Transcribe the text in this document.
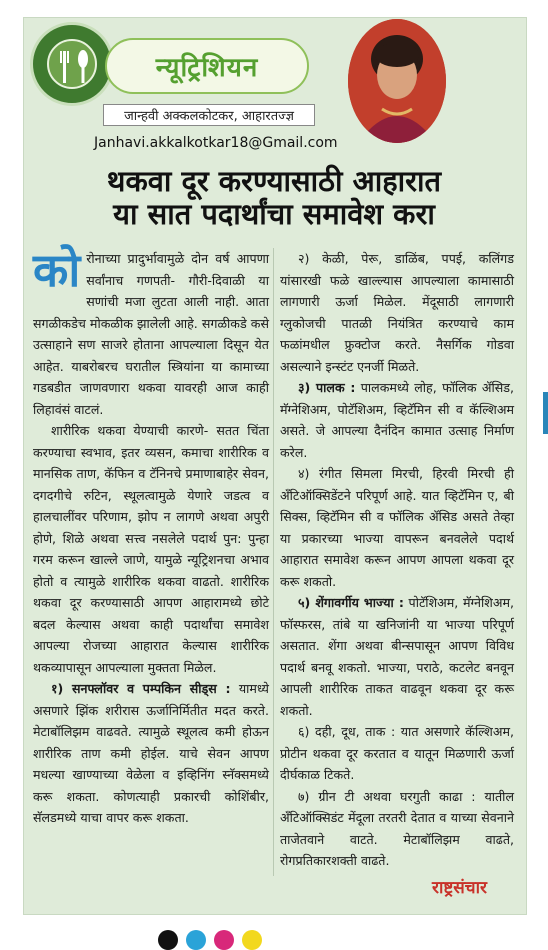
न्यूट्रिशियन
जान्हवी अक्कलकोटकर, आहारतज्ज्ञ
Janhavi.akkalkotkar18@Gmail.com
थकवा दूर करण्यासाठी आहारात
या सात पदार्थांचा समावेश करा

कोरोनाच्या प्रादुर्भावामुळे दोन वर्ष आपणा सर्वांनाच गणपती- गौरी-दिवाळी या सणांची मजा लुटता आली नाही. आता सगळीकडेच मोकळीक झालेली आहे. सगळीकडे कसे उत्साहाने सण साजरे होताना आपल्याला दिसून येत आहेत. याबरोबरच घरातील स्त्रियांना या कामाच्या गडबडीत जाणवणारा थकवा यावरही आज काही लिहावंसं वाटलं.

शारीरिक थकवा येण्याची कारणे- सतत चिंता करण्याचा स्वभाव, इतर व्यसन, कमाचा शारीरिक व मानसिक ताण, कॅफिन व टॅनिनचे प्रमाणाबाहेर सेवन, दगदगीचे रुटिन, स्थूलत्वामुळे येणारे जडत्व व हालचालींवर परिणाम, झोप न लागणे अथवा अपुरी होणे, शिळे अथवा सत्त्व नसलेले पदार्थ पुन: पुन्हा गरम करून खाल्ले जाणे, यामुळे न्यूट्रिशनचा अभाव होतो व त्यामुळे शारीरिक थकवा वाढतो. शारीरिक थकवा दूर करण्यासाठी आपण आहारामध्ये छोटे बदल केल्यास अथवा काही पदार्थांचा समावेश आपल्या रोजच्या आहारात केल्यास शारीरिक थकव्यापासून आपल्याला मुक्तता मिळेल.

१) सनफ्लॉवर व पम्पकिन सीड्स : यामध्ये असणारे झिंक शरीरास ऊर्जानिर्मितीत मदत करते. मेटाबॉलिझम वाढवते. त्यामुळे स्थूलत्व कमी होऊन शारीरिक ताण कमी होईल. याचे सेवन आपण मधल्या खाण्याच्या वेळेला व इव्हिनिंग स्नॅक्समध्ये करू शकता. कोणत्याही प्रकारची कोशिंबीर, सॅलडमध्ये याचा वापर करू शकता.

२) केळी, पेरू, डाळिंब, पपई, कलिंगड यांसारखी फळे खाल्ल्यास आपल्याला कामासाठी लागणारी ऊर्जा मिळेल. मेंदूसाठी लागणारी ग्लुकोजची पातळी नियंत्रित करण्याचे काम फळांमधील फ्रुक्टोज करते. नैसर्गिक गोडवा असल्याने इन्स्टंट एनर्जी मिळते.

३) पालक : पालकमध्ये लोह, फॉलिक ॲसिड, मॅग्नेशिअम, पोटॅशिअम, व्हिटॅमिन सी व कॅल्शिअम असते. जे आपल्या दैनंदिन कामात उत्साह निर्माण करेल.

४) रंगीत सिमला मिरची, हिरवी मिरची ही अँटिऑक्सिडेंटने परिपूर्ण आहे. यात व्हिटॅमिन ए, बी सिक्स, व्हिटॅमिन सी व फॉलिक ॲसिड असते तेव्हा या प्रकारच्या भाज्या वापरून बनवलेले पदार्थ आहारात समावेश करून आपण आपला थकवा दूर करू शकतो.

५) शेंगावर्गीय भाज्या : पोटॅशिअम, मॅग्नेशिअम, फॉस्फरस, तांबे या खनिजांनी या भाज्या परिपूर्ण असतात. शेंगा अथवा बीन्सपासून आपण विविध पदार्थ बनवू शकतो. भाज्या, पराठे, कटलेट बनवून आपली शारीरिक ताकत वाढवून थकवा दूर करू शकतो.

६) दही, दूध, ताक : यात असणारे कॅल्शिअम, प्रोटीन थकवा दूर करतात व यातून मिळणारी ऊर्जा दीर्घकाळ टिकते.

७) ग्रीन टी अथवा घरगुती काढा : यातील अँटिऑक्सिडंट मेंदूला तरतरी देतात व याच्या सेवनाने ताजेतवाने वाटते. मेटाबॉलिझम वाढते, रोगप्रतिकारशक्ती वाढते.

राष्ट्रसंचार
